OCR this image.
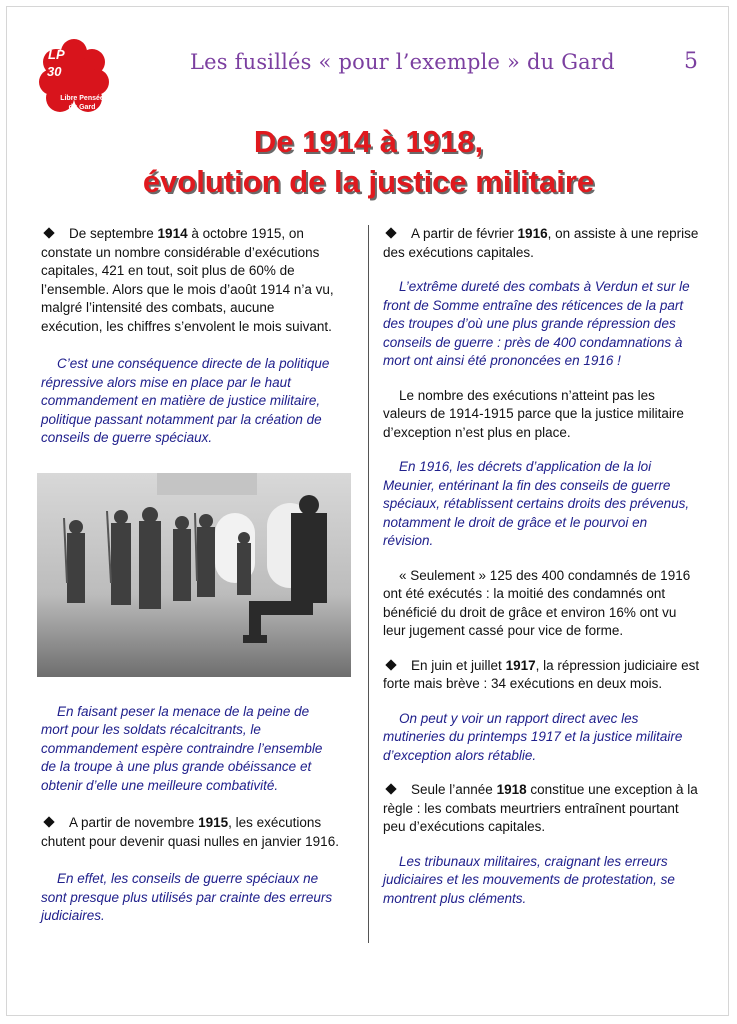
LP
30
Libre Pensée
du Gard
Les fusillés « pour l’exemple » du Gard	5
De 1914 à 1918,
évolution de la justice militaire

De septembre 1914 à octobre 1915, on constate un nombre considérable d’exécutions capitales, 421 en tout, soit plus de 60% de l’ensemble. Alors que le mois d’août 1914 n’a vu, malgré l’intensité des combats, aucune exécution, les chiffres s’envolent le mois suivant.

C’est une conséquence directe de la politique répressive alors mise en place par le haut commandement en matière de justice militaire, politique passant notamment par la création de conseils de guerre spéciaux.

En faisant peser la menace de la peine de mort pour les soldats récalcitrants, le commandement espère contraindre l’ensemble de la troupe à une plus grande obéissance et obtenir d’elle une meilleure combativité.

A partir de novembre 1915, les exécutions chutent pour devenir quasi nulles en janvier 1916.

En effet, les conseils de guerre spéciaux ne sont presque plus utilisés par crainte des erreurs judiciaires.

A partir de février 1916, on assiste à une reprise des exécutions capitales.

L’extrême dureté des combats à Verdun et sur le front de Somme entraîne des réticences de la part des troupes d’où une plus grande répression des conseils de guerre : près de 400 condamnations à mort ont ainsi été prononcées en 1916 !

Le nombre des exécutions n’atteint pas les valeurs de 1914-1915 parce que la justice militaire d’exception n’est plus en place.

En 1916, les décrets d’application de la loi Meunier, entérinant la fin des conseils de guerre spéciaux, rétablissent certains droits des prévenus, notamment le droit de grâce et le pourvoi en révision.

« Seulement » 125 des 400 condamnés de 1916 ont été exécutés : la moitié des condamnés ont bénéficié du droit de grâce et environ 16% ont vu leur jugement cassé pour vice de forme.

En juin et juillet 1917, la répression judiciaire est forte mais brève : 34 exécutions en deux mois.

On peut y voir un rapport direct avec les mutineries du printemps 1917 et la justice militaire d’exception alors rétablie.

Seule l’année 1918 constitue une exception à la règle : les combats meurtriers entraînent pourtant peu d’exécutions capitales.

Les tribunaux militaires, craignant les erreurs judiciaires et les mouvements de protestation, se montrent plus cléments.
